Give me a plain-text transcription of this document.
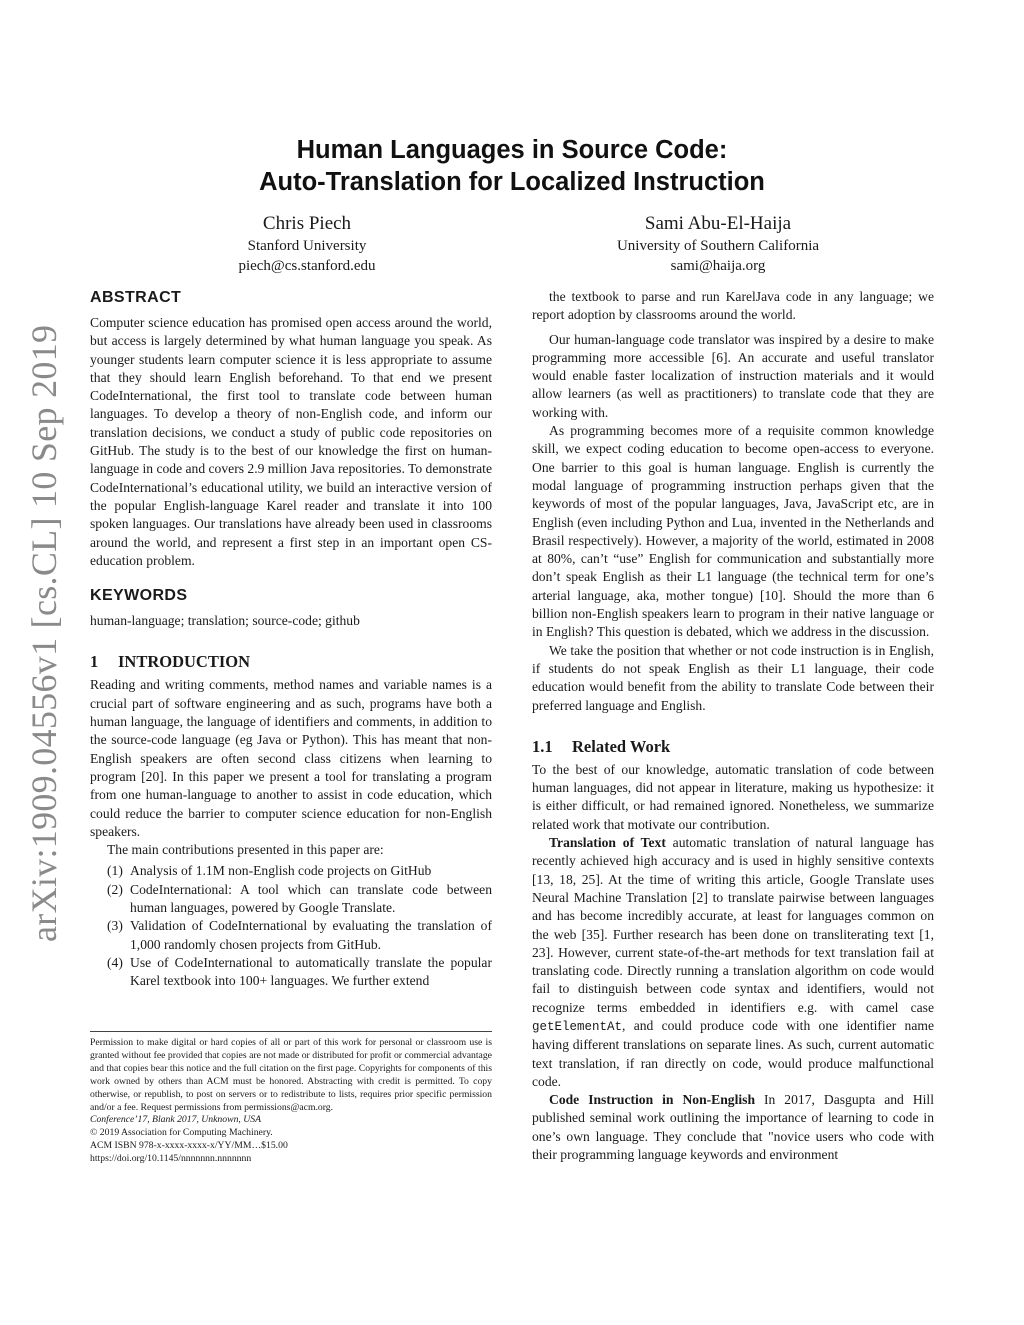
arXiv:1909.04556v1 [cs.CL] 10 Sep 2019
Human Languages in Source Code:
Auto-Translation for Localized Instruction
Chris Piech
Stanford University
piech@cs.stanford.edu
Sami Abu-El-Haija
University of Southern California
sami@haija.org
ABSTRACT

Computer science education has promised open access around the world, but access is largely determined by what human language you speak. As younger students learn computer science it is less appropriate to assume that they should learn English beforehand. To that end we present CodeInternational, the first tool to translate code between human languages. To develop a theory of non-English code, and inform our translation decisions, we conduct a study of public code repositories on GitHub. The study is to the best of our knowledge the first on human-language in code and covers 2.9 million Java repositories. To demonstrate CodeInternational’s educational utility, we build an interactive version of the popular English-language Karel reader and translate it into 100 spoken languages. Our translations have already been used in classrooms around the world, and represent a first step in an important open CS-education problem.

KEYWORDS

human-language; translation; source-code; github

1 INTRODUCTION

Reading and writing comments, method names and variable names is a crucial part of software engineering and as such, programs have both a human language, the language of identifiers and comments, in addition to the source-code language (eg Java or Python). This has meant that non-English speakers are often second class citizens when learning to program [20]. In this paper we present a tool for translating a program from one human-language to another to assist in code education, which could reduce the barrier to computer science education for non-English speakers.

The main contributions presented in this paper are:

(1) Analysis of 1.1M non-English code projects on GitHub
(2) CodeInternational: A tool which can translate code between human languages, powered by Google Translate.
(3) Validation of CodeInternational by evaluating the translation of 1,000 randomly chosen projects from GitHub.
(4) Use of CodeInternational to automatically translate the popular Karel textbook into 100+ languages. We further extend

Permission to make digital or hard copies of all or part of this work for personal or classroom use is granted without fee provided that copies are not made or distributed for profit or commercial advantage and that copies bear this notice and the full citation on the first page. Copyrights for components of this work owned by others than ACM must be honored. Abstracting with credit is permitted. To copy otherwise, or republish, to post on servers or to redistribute to lists, requires prior specific permission and/or a fee. Request permissions from permissions@acm.org.

Conference’17, Blank 2017, Unknown, USA

© 2019 Association for Computing Machinery.

ACM ISBN 978-x-xxxx-xxxx-x/YY/MM…$15.00

https://doi.org/10.1145/nnnnnnn.nnnnnnn

the textbook to parse and run KarelJava code in any language; we report adoption by classrooms around the world.

Our human-language code translator was inspired by a desire to make programming more accessible [6]. An accurate and useful translator would enable faster localization of instruction materials and it would allow learners (as well as practitioners) to translate code that they are working with.

As programming becomes more of a requisite common knowledge skill, we expect coding education to become open-access to everyone. One barrier to this goal is human language. English is currently the modal language of programming instruction perhaps given that the keywords of most of the popular languages, Java, JavaScript etc, are in English (even including Python and Lua, invented in the Netherlands and Brasil respectively). However, a majority of the world, estimated in 2008 at 80%, can’t “use” English for communication and substantially more don’t speak English as their L1 language (the technical term for one’s arterial language, aka, mother tongue) [10]. Should the more than 6 billion non-English speakers learn to program in their native language or in English? This question is debated, which we address in the discussion.

We take the position that whether or not code instruction is in English, if students do not speak English as their L1 language, their code education would benefit from the ability to translate Code between their preferred language and English.

1.1 Related Work

To the best of our knowledge, automatic translation of code between human languages, did not appear in literature, making us hypothesize: it is either difficult, or had remained ignored. Nonetheless, we summarize related work that motivate our contribution.

Translation of Text automatic translation of natural language has recently achieved high accuracy and is used in highly sensitive contexts [13, 18, 25]. At the time of writing this article, Google Translate uses Neural Machine Translation [2] to translate pairwise between languages and has become incredibly accurate, at least for languages common on the web [35]. Further research has been done on transliterating text [1, 23]. However, current state-of-the-art methods for text translation fail at translating code. Directly running a translation algorithm on code would fail to distinguish between code syntax and identifiers, would not recognize terms embedded in identifiers e.g. with camel case getElementAt, and could produce code with one identifier name having different translations on separate lines. As such, current automatic text translation, if ran directly on code, would produce malfunctional code.

Code Instruction in Non-English In 2017, Dasgupta and Hill published seminal work outlining the importance of learning to code in one’s own language. They conclude that "novice users who code with their programming language keywords and environment
